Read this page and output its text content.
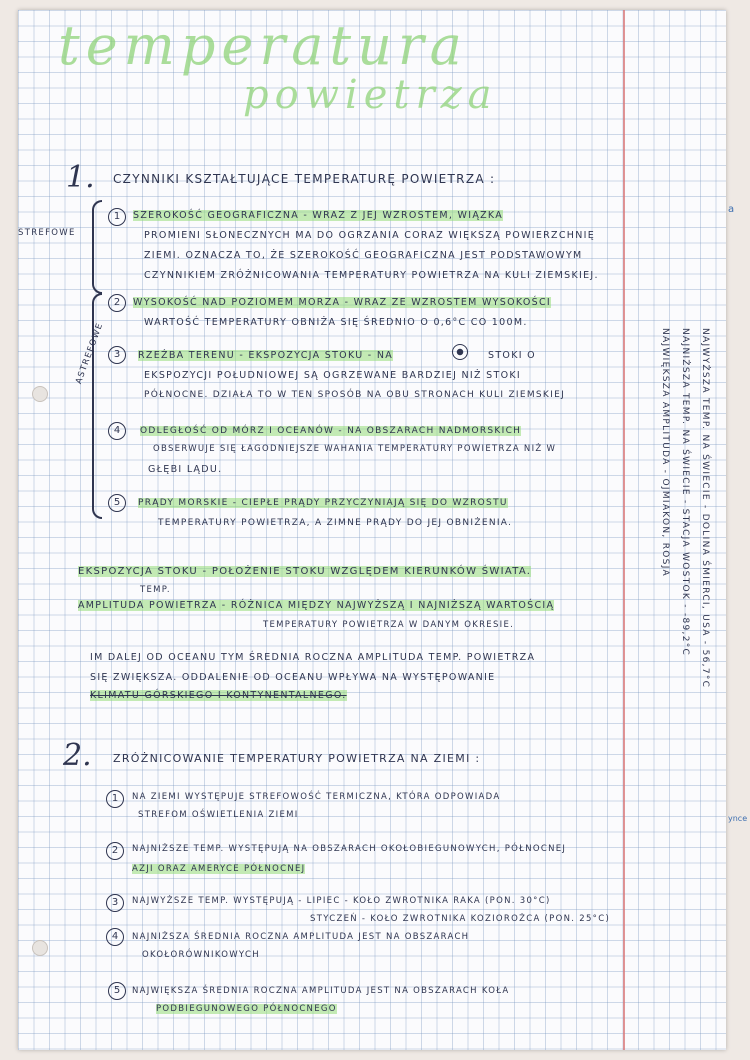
temperatura
powietrza
1. CZYNNIKI KSZTAŁTUJĄCE TEMPERATURĘ POWIETRZA :
STREFOWE
ASTREFOWE
1	SZEROKOŚĆ GEOGRAFICZNA - WRAZ Z JEJ WZROSTEM, WIĄZKA
PROMIENI SŁONECZNYCH MA DO OGRZANIA CORAZ WIĘKSZĄ POWIERZCHNIĘ
ZIEMI. OZNACZA TO, ŻE SZEROKOŚĆ GEOGRAFICZNA JEST PODSTAWOWYM
CZYNNIKIEM ZRÓŻNICOWANIA TEMPERATURY POWIETRZA NA KULI ZIEMSKIEJ.
2	WYSOKOŚĆ NAD POZIOMEM MORZA - WRAZ ZE WZROSTEM WYSOKOŚCI
WARTOŚĆ TEMPERATURY OBNIŻA SIĘ ŚREDNIO O 0,6°C CO 100M.
3	RZEŹBA TERENU - EKSPOZYCJA STOKU - NA	STOKI O
EKSPOZYCJI POŁUDNIOWEJ SĄ OGRZEWANE BARDZIEJ NIŻ STOKI
PÓŁNOCNE. DZIAŁA TO W TEN SPOSÓB NA OBU STRONACH KULI ZIEMSKIEJ
4	ODLEGŁOŚĆ OD MÓRZ I OCEANÓW - NA OBSZARACH NADMORSKICH
OBSERWUJE SIĘ ŁAGODNIEJSZE WAHANIA TEMPERATURY POWIETRZA NIŻ W
GŁĘBI LĄDU.
5	PRĄDY MORSKIE - CIEPŁE PRĄDY PRZYCZYNIAJĄ SIĘ DO WZROSTU
TEMPERATURY POWIETRZA, A ZIMNE PRĄDY DO JEJ OBNIŻENIA.
EKSPOZYCJA STOKU - POŁOŻENIE STOKU WZGLĘDEM KIERUNKÓW ŚWIATA.
TEMP.
AMPLITUDA POWIETRZA - RÓŻNICA MIĘDZY NAJWYŻSZĄ I NAJNIŻSZĄ WARTOŚCIĄ
TEMPERATURY POWIETRZA W DANYM OKRESIE.
IM DALEJ OD OCEANU TYM ŚREDNIA ROCZNA AMPLITUDA TEMP. POWIETRZA
SIĘ ZWIĘKSZA. ODDALENIE OD OCEANU WPŁYWA NA WYSTĘPOWANIE
KLIMATU GÓRSKIEGO I KONTYNENTALNEGO.
2. ZRÓŻNICOWANIE TEMPERATURY POWIETRZA NA ZIEMI :
1	NA ZIEMI WYSTĘPUJE STREFOWOŚĆ TERMICZNA, KTÓRA ODPOWIADA
STREFOM OŚWIETLENIA ZIEMI
2	NAJNIŻSZE TEMP. WYSTĘPUJĄ NA OBSZARACH OKOŁOBIEGUNOWYCH, PÓŁNOCNEJ
AZJI ORAZ AMERYCE PÓŁNOCNEJ
3	NAJWYŻSZE TEMP. WYSTĘPUJĄ - LIPIEC - KOŁO ZWROTNIKA RAKA (PON. 30°C)
STYCZEŃ - KOŁO ZWROTNIKA KOZIOROŻCA (PON. 25°C)
4	NAJNIŻSZA ŚREDNIA ROCZNA AMPLITUDA JEST NA OBSZARACH
OKOŁORÓWNIKOWYCH
5	NAJWIĘKSZA ŚREDNIA ROCZNA AMPLITUDA JEST NA OBSZARACH KOŁA
PODBIEGUNOWEGO PÓŁNOCNEGO
NAJWYŻSZA TEMP. NA ŚWIECIE - DOLINA ŚMIERCI, USA - 56,7°C
NAJNIŻSZA TEMP. NA ŚWIECIE - STACJA WOSTOK - -89,2°C
NAJWIĘKSZA AMPLITUDA - OJMIAKON, ROSJA
a
ynce
